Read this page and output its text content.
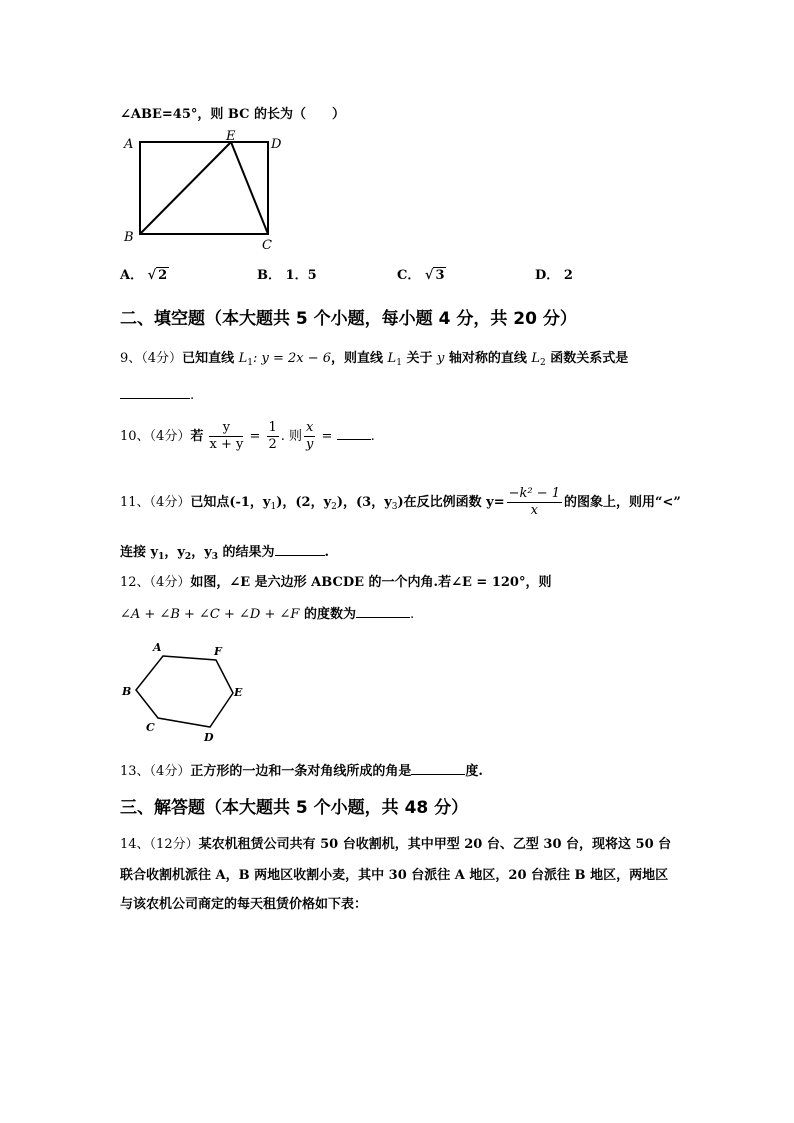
∠ABE=45°，则 BC 的长为（　　）
A
E
D
B
C
A． √ 2	B． 1．5	C． √ 3	D． 2
二、填空题（本大题共 5 个小题，每小题 4 分，共 20 分）
9、（4分）已知直线 $L_1$: y = 2x − 6，则直线 $L_1$ 关于 y 轴对称的直线 $L_2$ 函数关系式是
.
10、（4分）若 $\frac{y}{x + y} = \frac{1}{2}$ . 则 $\frac{x}{y}$ =	.
11、（4分）已知点(-1，$y_1$)，(2，$y_2$)，(3，$y_3$)在反比例函数 $y= \frac{\text{−k² − 1}}{x}$ 的图象上，则用“<”
连接 $y_1$，$y_2$，$y_3$ 的结果为	.
12、（4分）如图，∠E 是六边形 ABCDE 的一个内角.若∠E = 120°，则
∠A + ∠B + ∠C + ∠D + ∠F 的度数为	.
A	F
B	E
C
D
13、（4分）正方形的一边和一条对角线所成的角是	度.
三、解答题（本大题共 5 个小题，共 48 分）
14、（12分）某农机租赁公司共有 50 台收割机，其中甲型 20 台、乙型 30 台，现将这 50 台
联合收割机派往 A，B 两地区收割小麦，其中 30 台派往 A 地区，20 台派往 B 地区，两地区
与该农机公司商定的每天租赁价格如下表：
